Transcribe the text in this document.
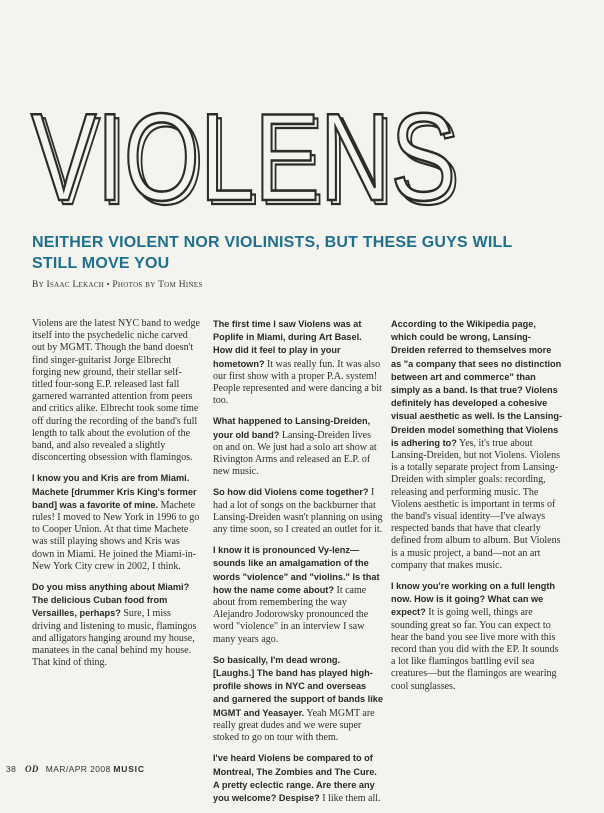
VIOLENS
VIOLENS
NEITHER VIOLENT NOR VIOLINISTS, BUT THESE GUYS WILL STILL MOVE YOU
By Isaac Lekach • Photos by Tom Hines

Violens are the latest NYC band to wedge itself into the psychedelic niche carved out by MGMT. Though the band doesn't find singer-guitarist Jorge Elbrecht forging new ground, their stellar self-titled four-song E.P. released last fall garnered warranted attention from peers and critics alike. Elbrecht took some time off during the recording of the band's full length to talk about the evolution of the band, and also revealed a slightly disconcerting obsession with flamingos.

I know you and Kris are from Miami. Machete [drummer Kris King's former band] was a favorite of mine. Machete rules! I moved to New York in 1996 to go to Cooper Union. At that time Machete was still playing shows and Kris was down in Miami. He joined the Miami-in-New York City crew in 2002, I think.

Do you miss anything about Miami? The delicious Cuban food from Versailles, perhaps? Sure, I miss driving and listening to music, flamingos and alligators hanging around my house, manatees in the canal behind my house. That kind of thing.

The first time I saw Violens was at Poplife in Miami, during Art Basel. How did it feel to play in your hometown? It was really fun. It was also our first show with a proper P.A. system! People represented and were dancing a bit too.

What happened to Lansing-Dreiden, your old band? Lansing-Dreiden lives on and on. We just had a solo art show at Rivington Arms and released an E.P. of new music.

So how did Violens come together? I had a lot of songs on the backburner that Lansing-Dreiden wasn't planning on using any time soon, so I created an outlet for it.

I know it is pronounced Vy-lenz—sounds like an amalgamation of the words "violence" and "violins." Is that how the name come about? It came about from remembering the way Alejandro Jodorowsky pronounced the word "violence" in an interview I saw many years ago.

So basically, I'm dead wrong. [Laughs.] The band has played high-profile shows in NYC and overseas and garnered the support of bands like MGMT and Yeasayer. Yeah MGMT are really great dudes and we were super stoked to go on tour with them.

I've heard Violens be compared to of Montreal, The Zombies and The Cure. A pretty eclectic range. Are there any you welcome? Despise? I like them all.

According to the Wikipedia page, which could be wrong, Lansing-Dreiden referred to themselves more as "a company that sees no distinction between art and commerce" than simply as a band. Is that true? Violens definitely has developed a cohesive visual aesthetic as well. Is the Lansing-Dreiden model something that Violens is adhering to? Yes, it's true about Lansing-Dreiden, but not Violens. Violens is a totally separate project from Lansing-Dreiden with simpler goals: recording, releasing and performing music. The Violens aesthetic is important in terms of the band's visual identity—I've always respected bands that have that clearly defined from album to album. But Violens is a music project, a band—not an art company that makes music.

I know you're working on a full length now. How is it going? What can we expect? It is going well, things are sounding great so far. You can expect to hear the band you see live more with this record than you did with the EP. It sounds a lot like flamingos battling evil sea creatures—but the flamingos are wearing cool sunglasses.

38 OD MAR/APR 2008 MUSIC
